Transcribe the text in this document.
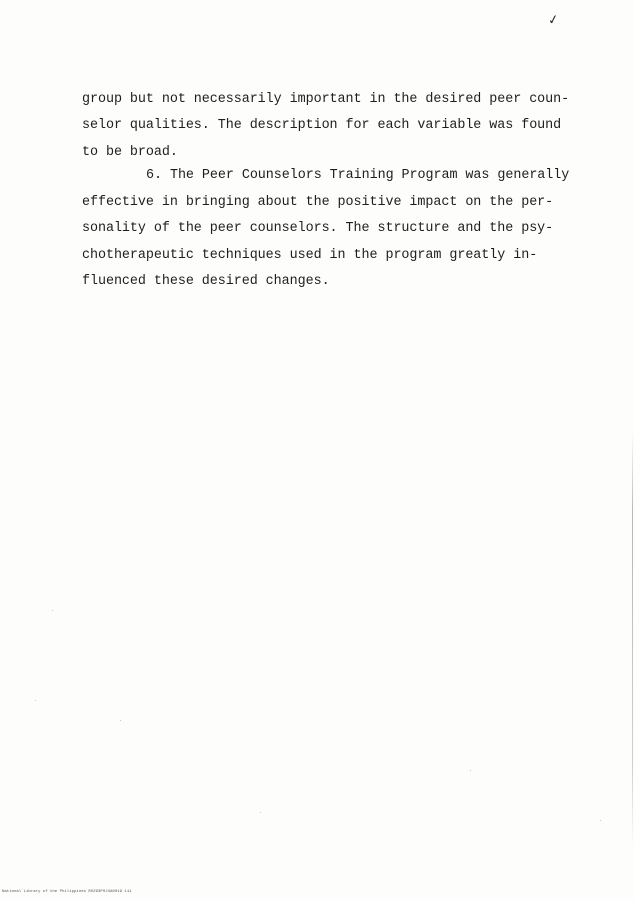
✓
group but not necessarily important in the desired peer coun-
selor qualities. The description for each variable was found
to be broad.
6. The Peer Counselors Training Program was generally
effective in bringing about the positive impact on the per-
sonality of the peer counselors. The structure and the psy-
chotherapeutic techniques used in the program greatly in-
fluenced these desired changes.
National Library of the Philippines ROZ93P0J4A0019 111
